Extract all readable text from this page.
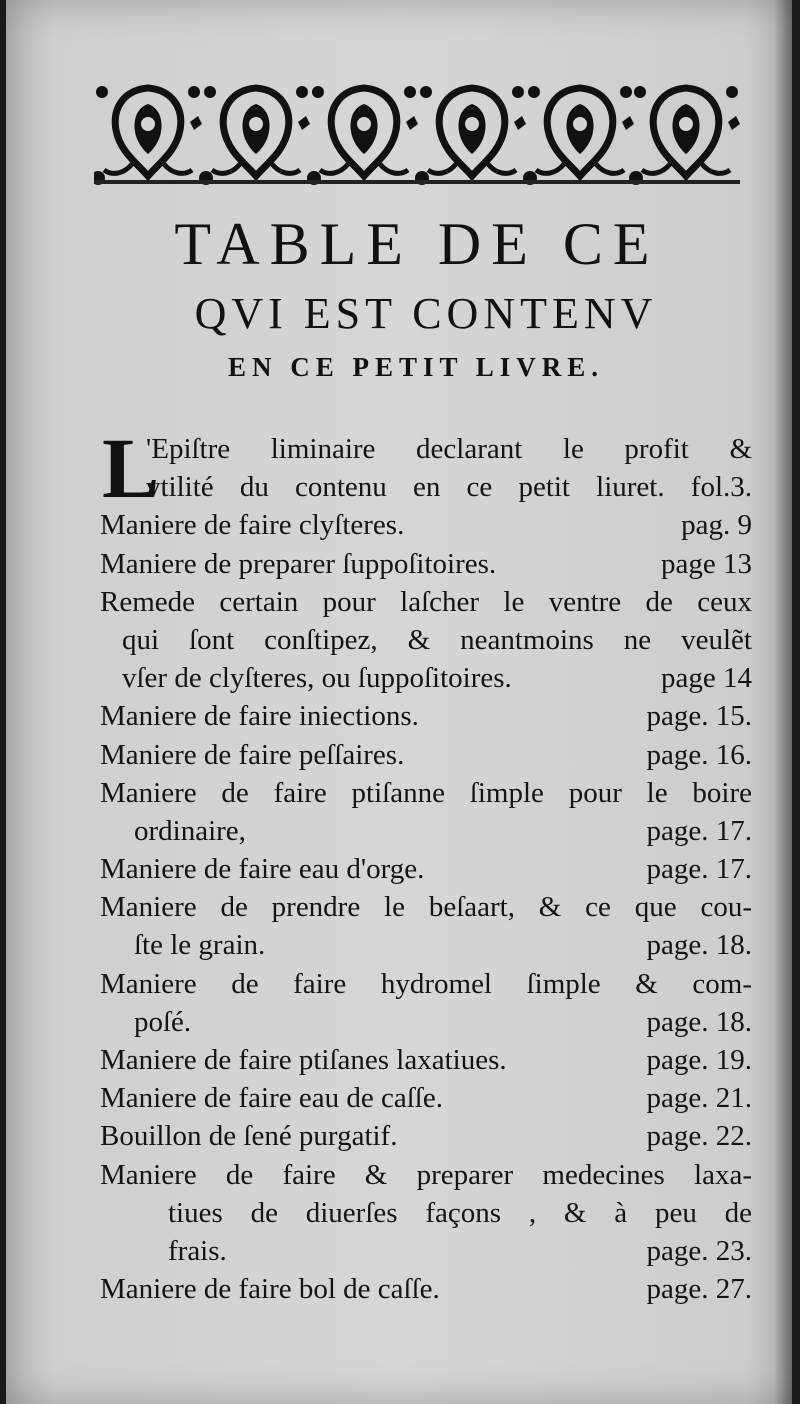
TABLE DE CE
QVI EST CONTENV
EN CE PETIT LIVRE.
L
'Epiſtre liminaire declarant le profit &
vtilité du contenu en ce petit liuret. fol.3.
Maniere de faire clyſteres.	pag. 9
Maniere de preparer ſuppoſitoires.	page 13
Remede certain pour laſcher le ventre de ceux
qui ſont conſtipez, & neantmoins ne veulẽt
vſer de clyſteres, ou ſuppoſitoires.	page 14
Maniere de faire iniections.	page. 15.
Maniere de faire peſſaires.	page. 16.
Maniere de faire ptiſanne ſimple pour le boire
ordinaire,	page. 17.
Maniere de faire eau d'orge.	page. 17.
Maniere de prendre le beſaart, & ce que cou-
ſte le grain.	page. 18.
Maniere de faire hydromel ſimple & com-
poſé.	page. 18.
Maniere de faire ptiſanes laxatiues.	page. 19.
Maniere de faire eau de caſſe.	page. 21.
Bouillon de ſené purgatif.	page. 22.
Maniere de faire & preparer medecines laxa-
tiues de diuerſes façons , & à peu de
frais.	page. 23.
Maniere de faire bol de caſſe.	page. 27.
